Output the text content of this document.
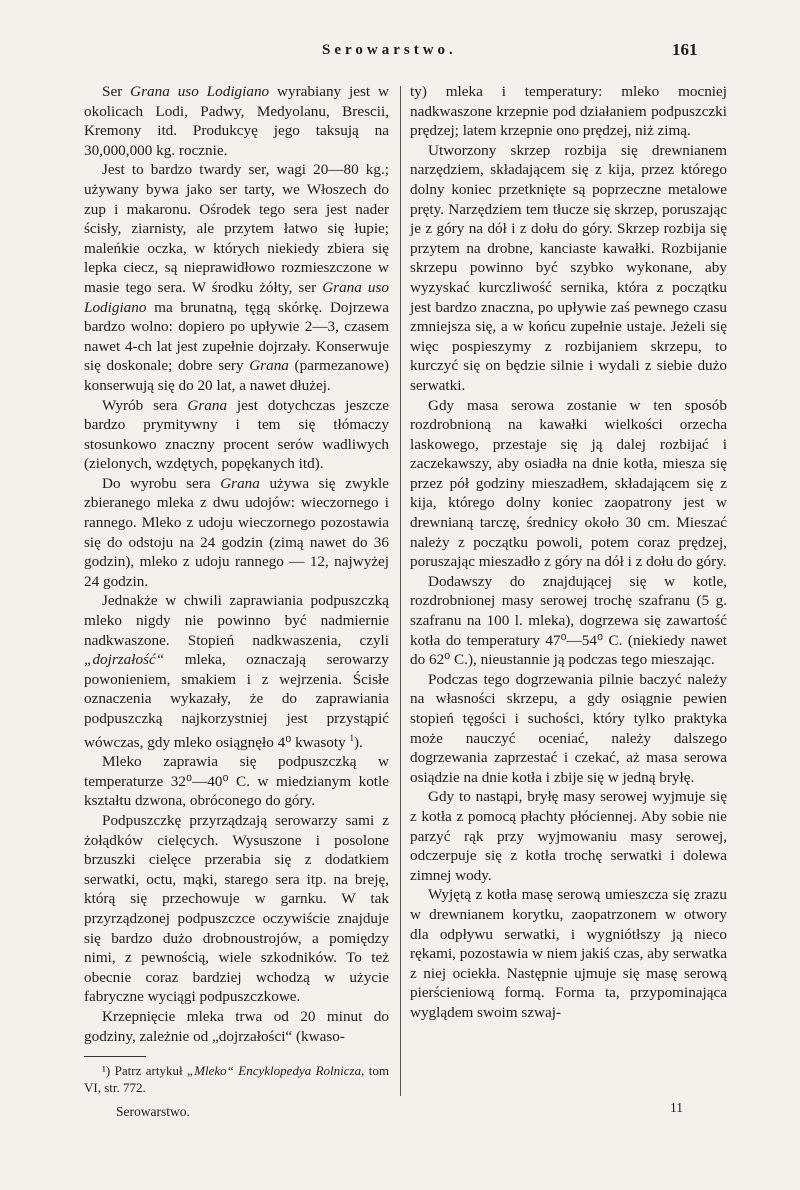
Serowarstwo.	161

Ser Grana uso Lodigiano wyrabiany jest w okolicach Lodi, Padwy, Medyolanu, Brescii, Kremony itd. Produkcyę jego taksują na 30,000,000 kg. rocznie.

Jest to bardzo twardy ser, wagi 20—80 kg.; używany bywa jako ser tarty, we Włoszech do zup i makaronu. Ośrodek tego sera jest nader ścisły, ziarnisty, ale przytem łatwo się łupie; maleńkie oczka, w których niekiedy zbiera się lepka ciecz, są nieprawidłowo rozmieszczone w masie tego sera. W środku żółty, ser Grana uso Lodigiano ma brunatną, tęgą skórkę. Dojrzewa bardzo wolno: dopiero po upływie 2—3, czasem nawet 4-ch lat jest zupełnie dojrzały. Konserwuje się doskonale; dobre sery Grana (parmezanowe) konserwują się do 20 lat, a nawet dłużej.

Wyrób sera Grana jest dotychczas jeszcze bardzo prymitywny i tem się tłómaczy stosunkowo znaczny procent serów wadliwych (zielonych, wzdętych, popękanych itd).

Do wyrobu sera Grana używa się zwykle zbieranego mleka z dwu udojów: wieczornego i rannego. Mleko z udoju wieczornego pozostawia się do odstoju na 24 godzin (zimą nawet do 36 godzin), mleko z udoju rannego — 12, najwyżej 24 godzin.

Jednakże w chwili zaprawiania podpuszczką mleko nigdy nie powinno być nadmiernie nadkwaszone. Stopień nadkwaszenia, czyli „dojrzałość“ mleka, oznaczają serowarzy powonieniem, smakiem i z wejrzenia. Ścisłe oznaczenia wykazały, że do zaprawiania podpuszczką najkorzystniej jest przystąpić wówczas, gdy mleko osiągnęło 4⁰ kwasoty $^1$).

Mleko zaprawia się podpuszczką w temperaturze 32⁰—40⁰ C. w miedzianym kotle kształtu dzwona, obróconego do góry.

Podpuszczkę przyrządzają serowarzy sami z żołądków cielęcych. Wysuszone i posolone brzuszki cielęce przerabia się z dodatkiem serwatki, octu, mąki, starego sera itp. na breję, którą się przechowuje w garnku. W tak przyrządzonej podpuszczce oczywiście znajduje się bardzo dużo drobnoustrojów, a pomiędzy nimi, z pewnością, wiele szkodników. To też obecnie coraz bardziej wchodzą w użycie fabryczne wyciągi podpuszczkowe.

Krzepnięcie mleka trwa od 20 minut do godziny, zależnie od „dojrzałości“ (kwaso-

ty) mleka i temperatury: mleko mocniej nadkwaszone krzepnie pod działaniem podpuszczki prędzej; latem krzepnie ono prędzej, niż zimą.

Utworzony skrzep rozbija się drewnianem narzędziem, składającem się z kija, przez którego dolny koniec przetknięte są poprzeczne metalowe pręty. Narzędziem tem tłucze się skrzep, poruszając je z góry na dół i z dołu do góry. Skrzep rozbija się przytem na drobne, kanciaste kawałki. Rozbijanie skrzepu powinno być szybko wykonane, aby wyzyskać kurczliwość sernika, która z początku jest bardzo znaczna, po upływie zaś pewnego czasu zmniejsza się, a w końcu zupełnie ustaje. Jeżeli się więc pospieszymy z rozbijaniem skrzepu, to kurczyć się on będzie silnie i wydali z siebie dużo serwatki.

Gdy masa serowa zostanie w ten sposób rozdrobnioną na kawałki wielkości orzecha laskowego, przestaje się ją dalej rozbijać i zaczekawszy, aby osiadła na dnie kotła, miesza się przez pół godziny mieszadłem, składającem się z kija, którego dolny koniec zaopatrony jest w drewnianą tarczę, średnicy około 30 cm. Mieszać należy z początku powoli, potem coraz prędzej, poruszając mieszadło z góry na dół i z dołu do góry.

Dodawszy do znajdującej się w kotle, rozdrobnionej masy serowej trochę szafranu (5 g. szafranu na 100 l. mleka), dogrzewa się zawartość kotła do temperatury 47⁰—54⁰ C. (niekiedy nawet do 62⁰ C.), nieustannie ją podczas tego mieszając.

Podczas tego dogrzewania pilnie baczyć należy na własności skrzepu, a gdy osiągnie pewien stopień tęgości i suchości, który tylko praktyka może nauczyć oceniać, należy dalszego dogrzewania zaprzestać i czekać, aż masa serowa osiądzie na dnie kotła i zbije się w jedną bryłę.

Gdy to nastąpi, bryłę masy serowej wyjmuje się z kotła z pomocą płachty płóciennej. Aby sobie nie parzyć rąk przy wyjmowaniu masy serowej, odczerpuje się z kotła trochę serwatki i dolewa zimnej wody.

Wyjętą z kotła masę serową umieszcza się zrazu w drewnianem korytku, zaopatrzonem w otwory dla odpływu serwatki, i wygniótłszy ją nieco rękami, pozostawia w niem jakiś czas, aby serwatka z niej ociekła. Następnie ujmuje się masę serową pierścieniową formą. Forma ta, przypominająca wyglądem swoim szwaj-

¹) Patrz artykuł „Mleko“ Encyklopedya Rolnicza, tom VI, str. 772.
Serowarstwo.	11
